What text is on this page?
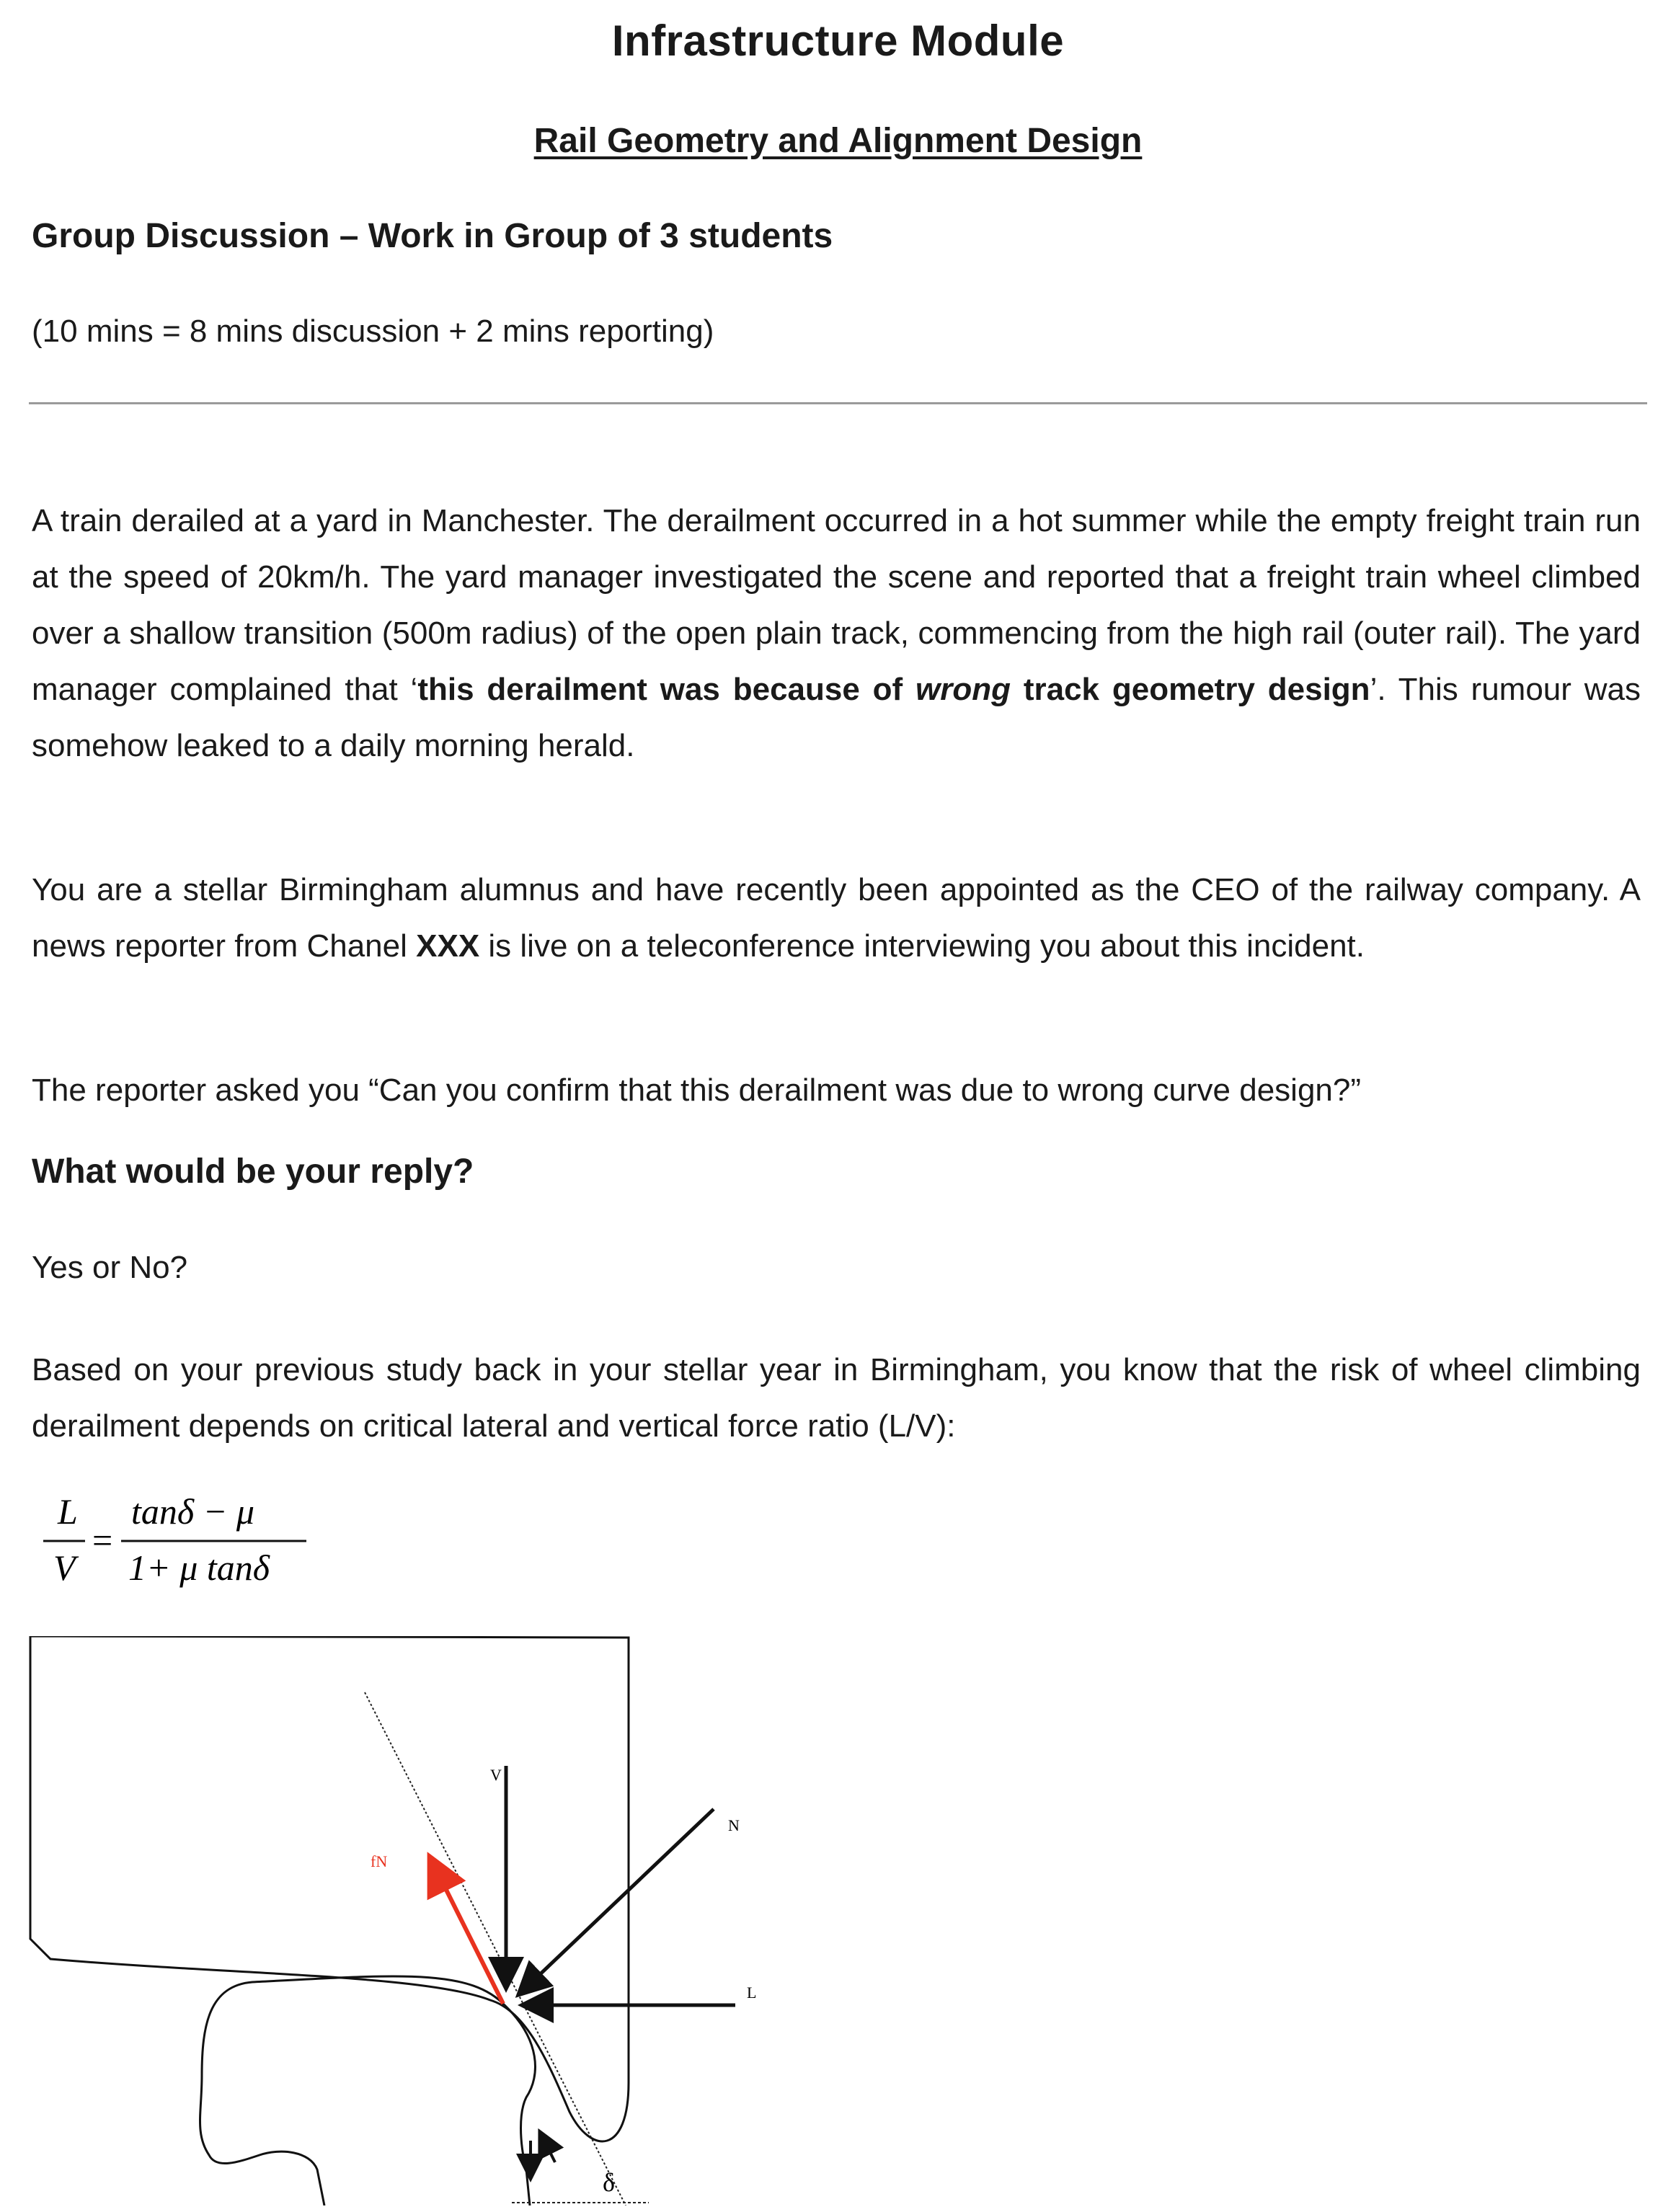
Infrastructure Module
Rail Geometry and Alignment Design
Group Discussion – Work in Group of 3 students
(10 mins = 8 mins discussion + 2 mins reporting)

A train derailed at a yard in Manchester. The derailment occurred in a hot summer while the empty freight train run at the speed of 20km/h. The yard manager investigated the scene and reported that a freight train wheel climbed over a shallow transition (500m radius) of the open plain track, commencing from the high rail (outer rail). The yard manager complained that ‘this derailment was because of wrong track geometry design’. This rumour was somehow leaked to a daily morning herald.

You are a stellar Birmingham alumnus and have recently been appointed as the CEO of the railway company. A news reporter from Chanel XXX is live on a teleconference interviewing you about this incident.

The reporter asked you “Can you confirm that this derailment was due to wrong curve design?”

What would be your reply?
Yes or No?

Based on your previous study back in your stellar year in Birmingham, you know that the risk of wheel climbing derailment depends on critical lateral and vertical force ratio (L/V):

L
V
=
tanδ − μ
1+ μ tanδ
V
N
L
fN
δ
